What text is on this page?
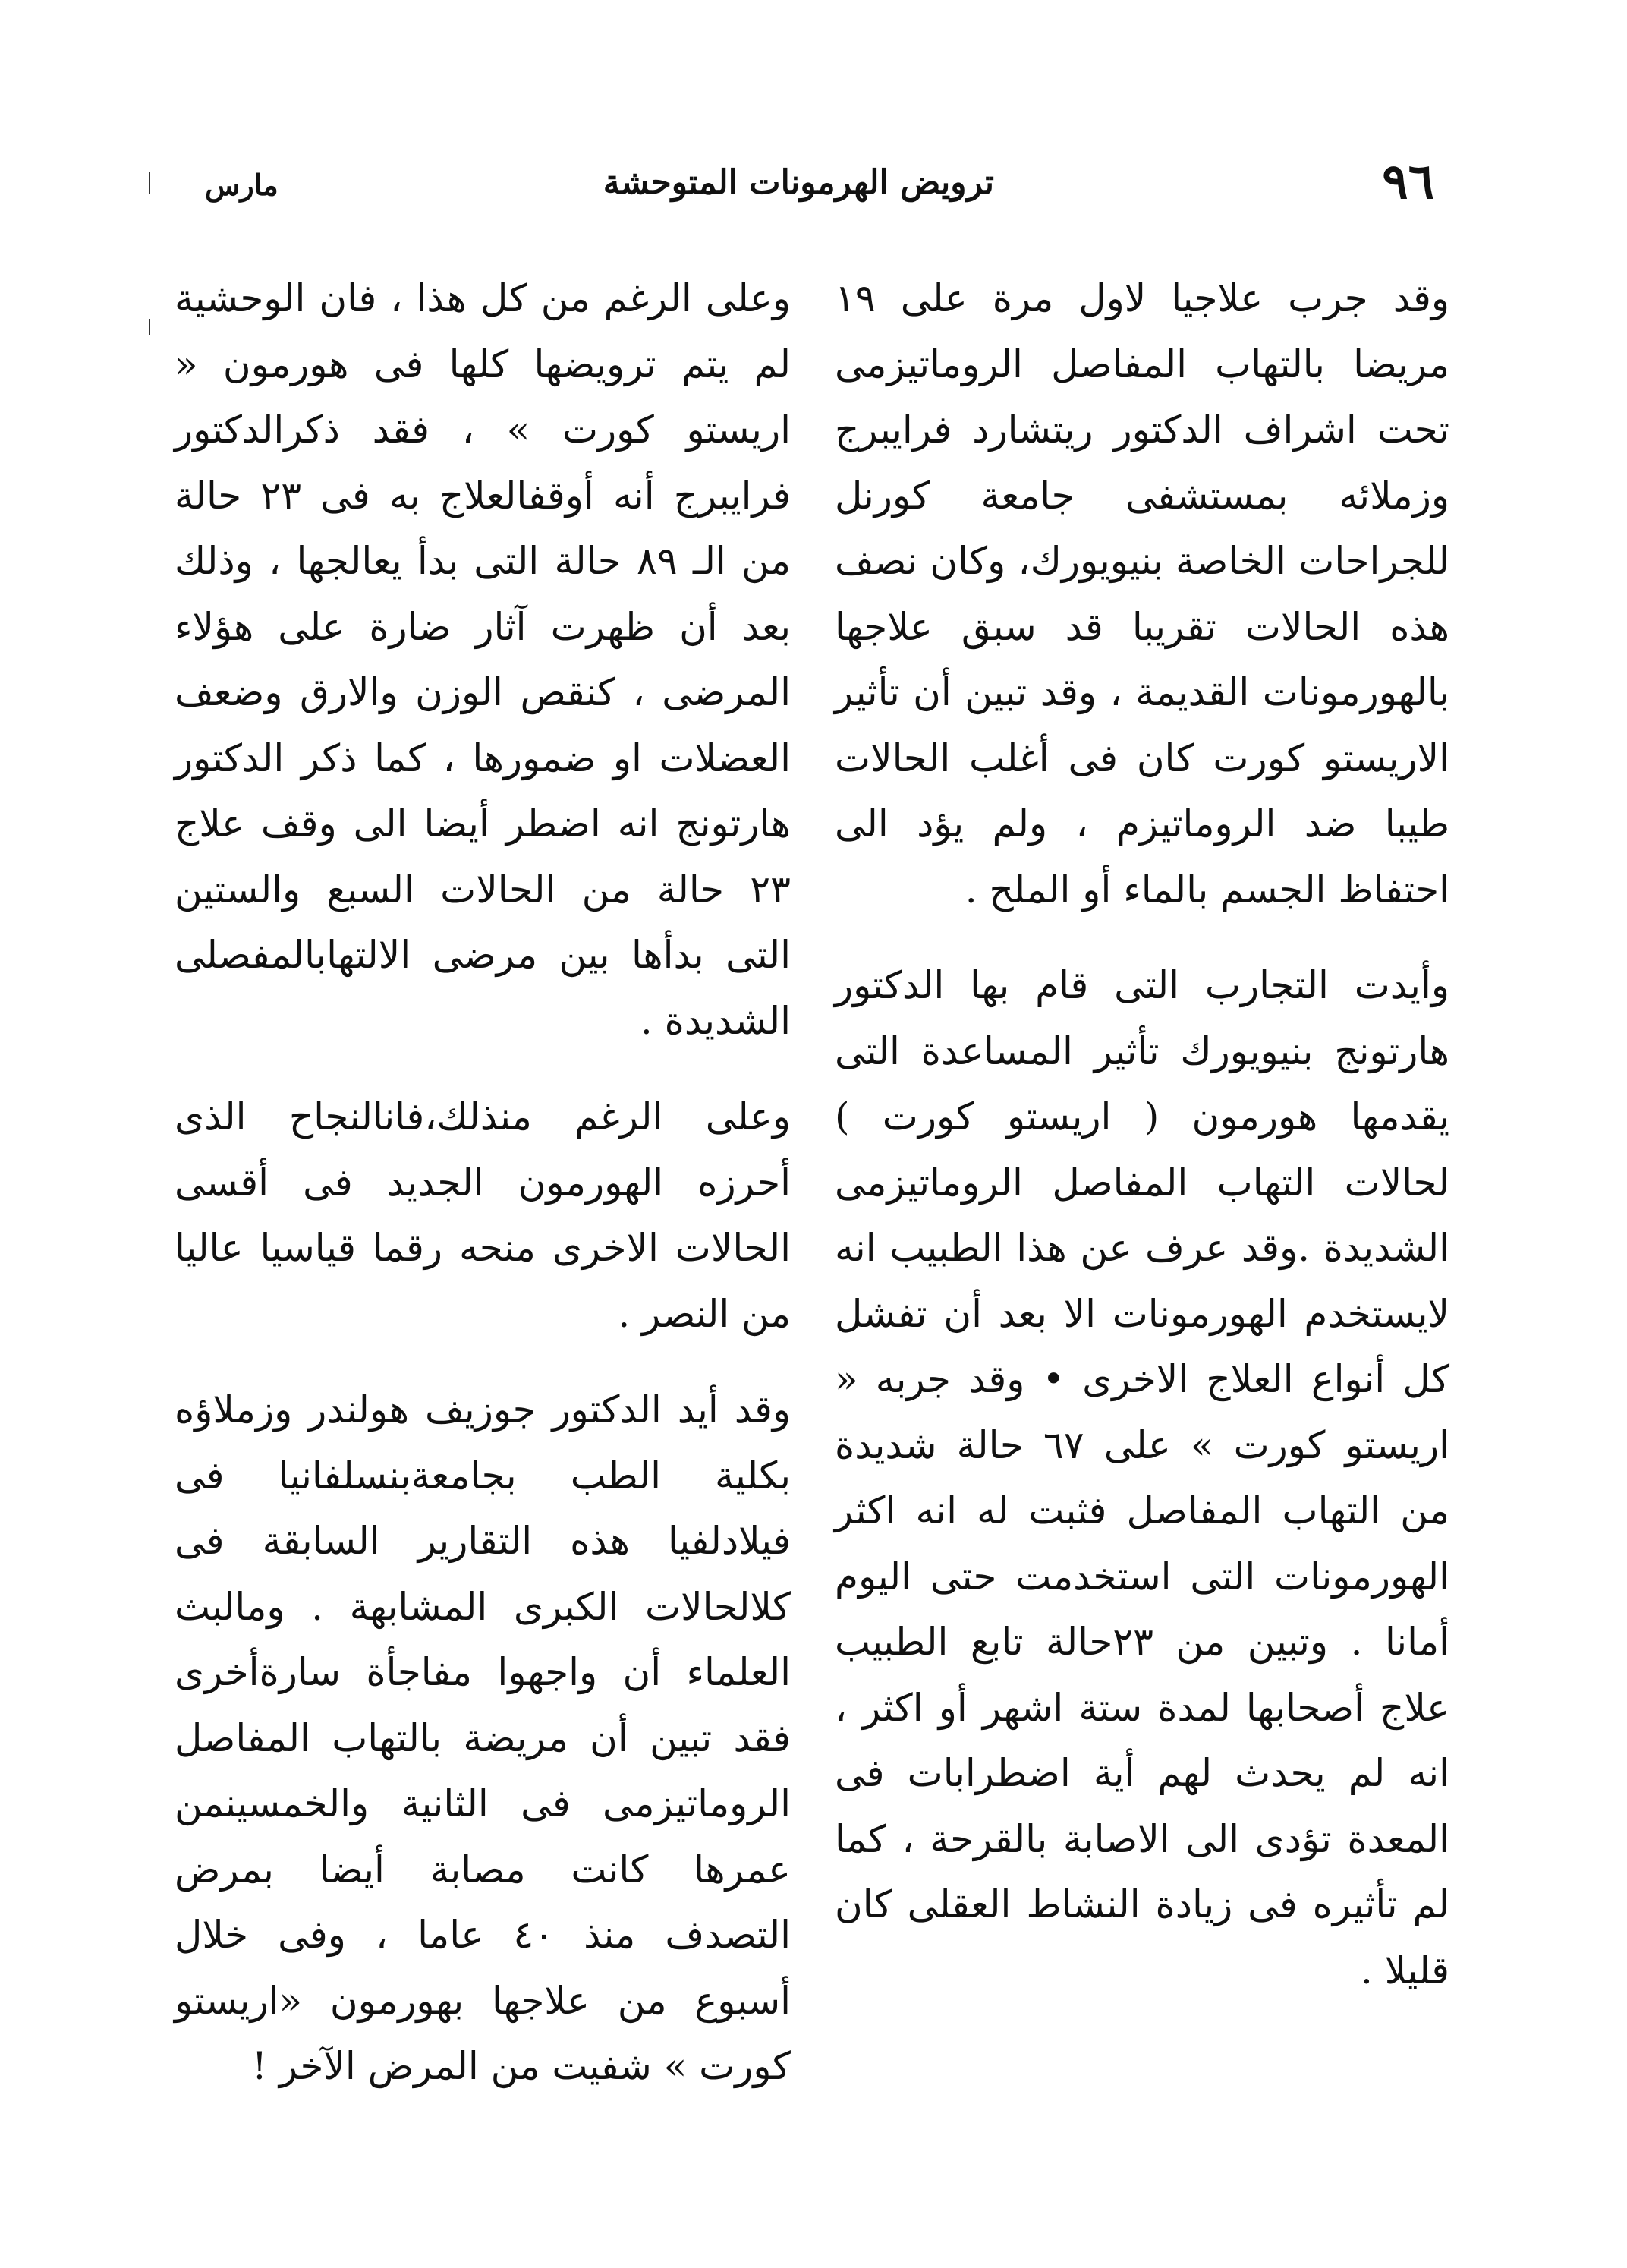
٩٦
ترويض الهرمونات المتوحشة
مارس

وقد جرب علاجيا لاول مرة على ١٩ مريضا بالتهاب المفاصل الروماتيزمى تحت اشراف الدكتور ريتشارد فرايبرج وزملائه بمستشفى جامعة كورنل للجراحات الخاصة بنيويورك، وكان نصف هذه الحالات تقريبا قد سبق علاجها بالهورمونات القديمة ، وقد تبين أن تأثير الاريستو كورت كان فى أغلب الحالات طيبا ضد الروماتيزم ، ولم يؤد الى احتفاظ الجسم بالماء أو الملح .

وأيدت التجارب التى قام بها الدكتور هارتونج بنيويورك تأثير المساعدة التى يقدمها هورمون ( اريستو كورت ) لحالات التهاب المفاصل الروماتيزمى الشديدة .وقد عرف عن هذا الطبيب انه لايستخدم الهورمونات الا بعد أن تفشل كل أنواع العلاج الاخرى • وقد جربه « اريستو كورت » على ٦٧ حالة شديدة من التهاب المفاصل فثبت له انه اكثر الهورمونات التى استخدمت حتى اليوم أمانا . وتبين من ٢٣حالة تابع الطبيب علاج أصحابها لمدة ستة اشهر أو اكثر ، انه لم يحدث لهم أية اضطرابات فى المعدة تؤدى الى الاصابة بالقرحة ، كما لم تأثيره فى زيادة النشاط العقلى كان قليلا .

وعلى الرغم من كل هذا ، فان الوحشية لم يتم ترويضها كلها فى هورمون « اريستو كورت » ، فقد ذكرالدكتور فرايبرج أنه أوقفالعلاج به فى ٢٣ حالة من الـ ٨٩ حالة التى بدأ يعالجها ، وذلك بعد أن ظهرت آثار ضارة على هؤلاء المرضى ، كنقص الوزن والارق وضعف العضلات او ضمورها ، كما ذكر الدكتور هارتونج انه اضطر أيضا الى وقف علاج ٢٣ حالة من الحالات السبع والستين التى بدأها بين مرضى الالتهابالمفصلى الشديدة .

وعلى الرغم منذلك،فانالنجاح الذى أحرزه الهورمون الجديد فى أقسى الحالات الاخرى منحه رقما قياسيا عاليا من النصر .

وقد أيد الدكتور جوزيف هولندر وزملاؤه بكلية الطب بجامعةبنسلفانيا فى فيلادلفيا هذه التقارير السابقة فى كلالحالات الكبرى المشابهة . ومالبث العلماء أن واجهوا مفاجأة سارةأخرى فقد تبين أن مريضة بالتهاب المفاصل الروماتيزمى فى الثانية والخمسينمن عمرها كانت مصابة أيضا بمرض التصدف منذ ٤٠ عاما ، وفى خلال أسبوع من علاجها بهورمون «اريستو كورت » شفيت من المرض الآخر !
